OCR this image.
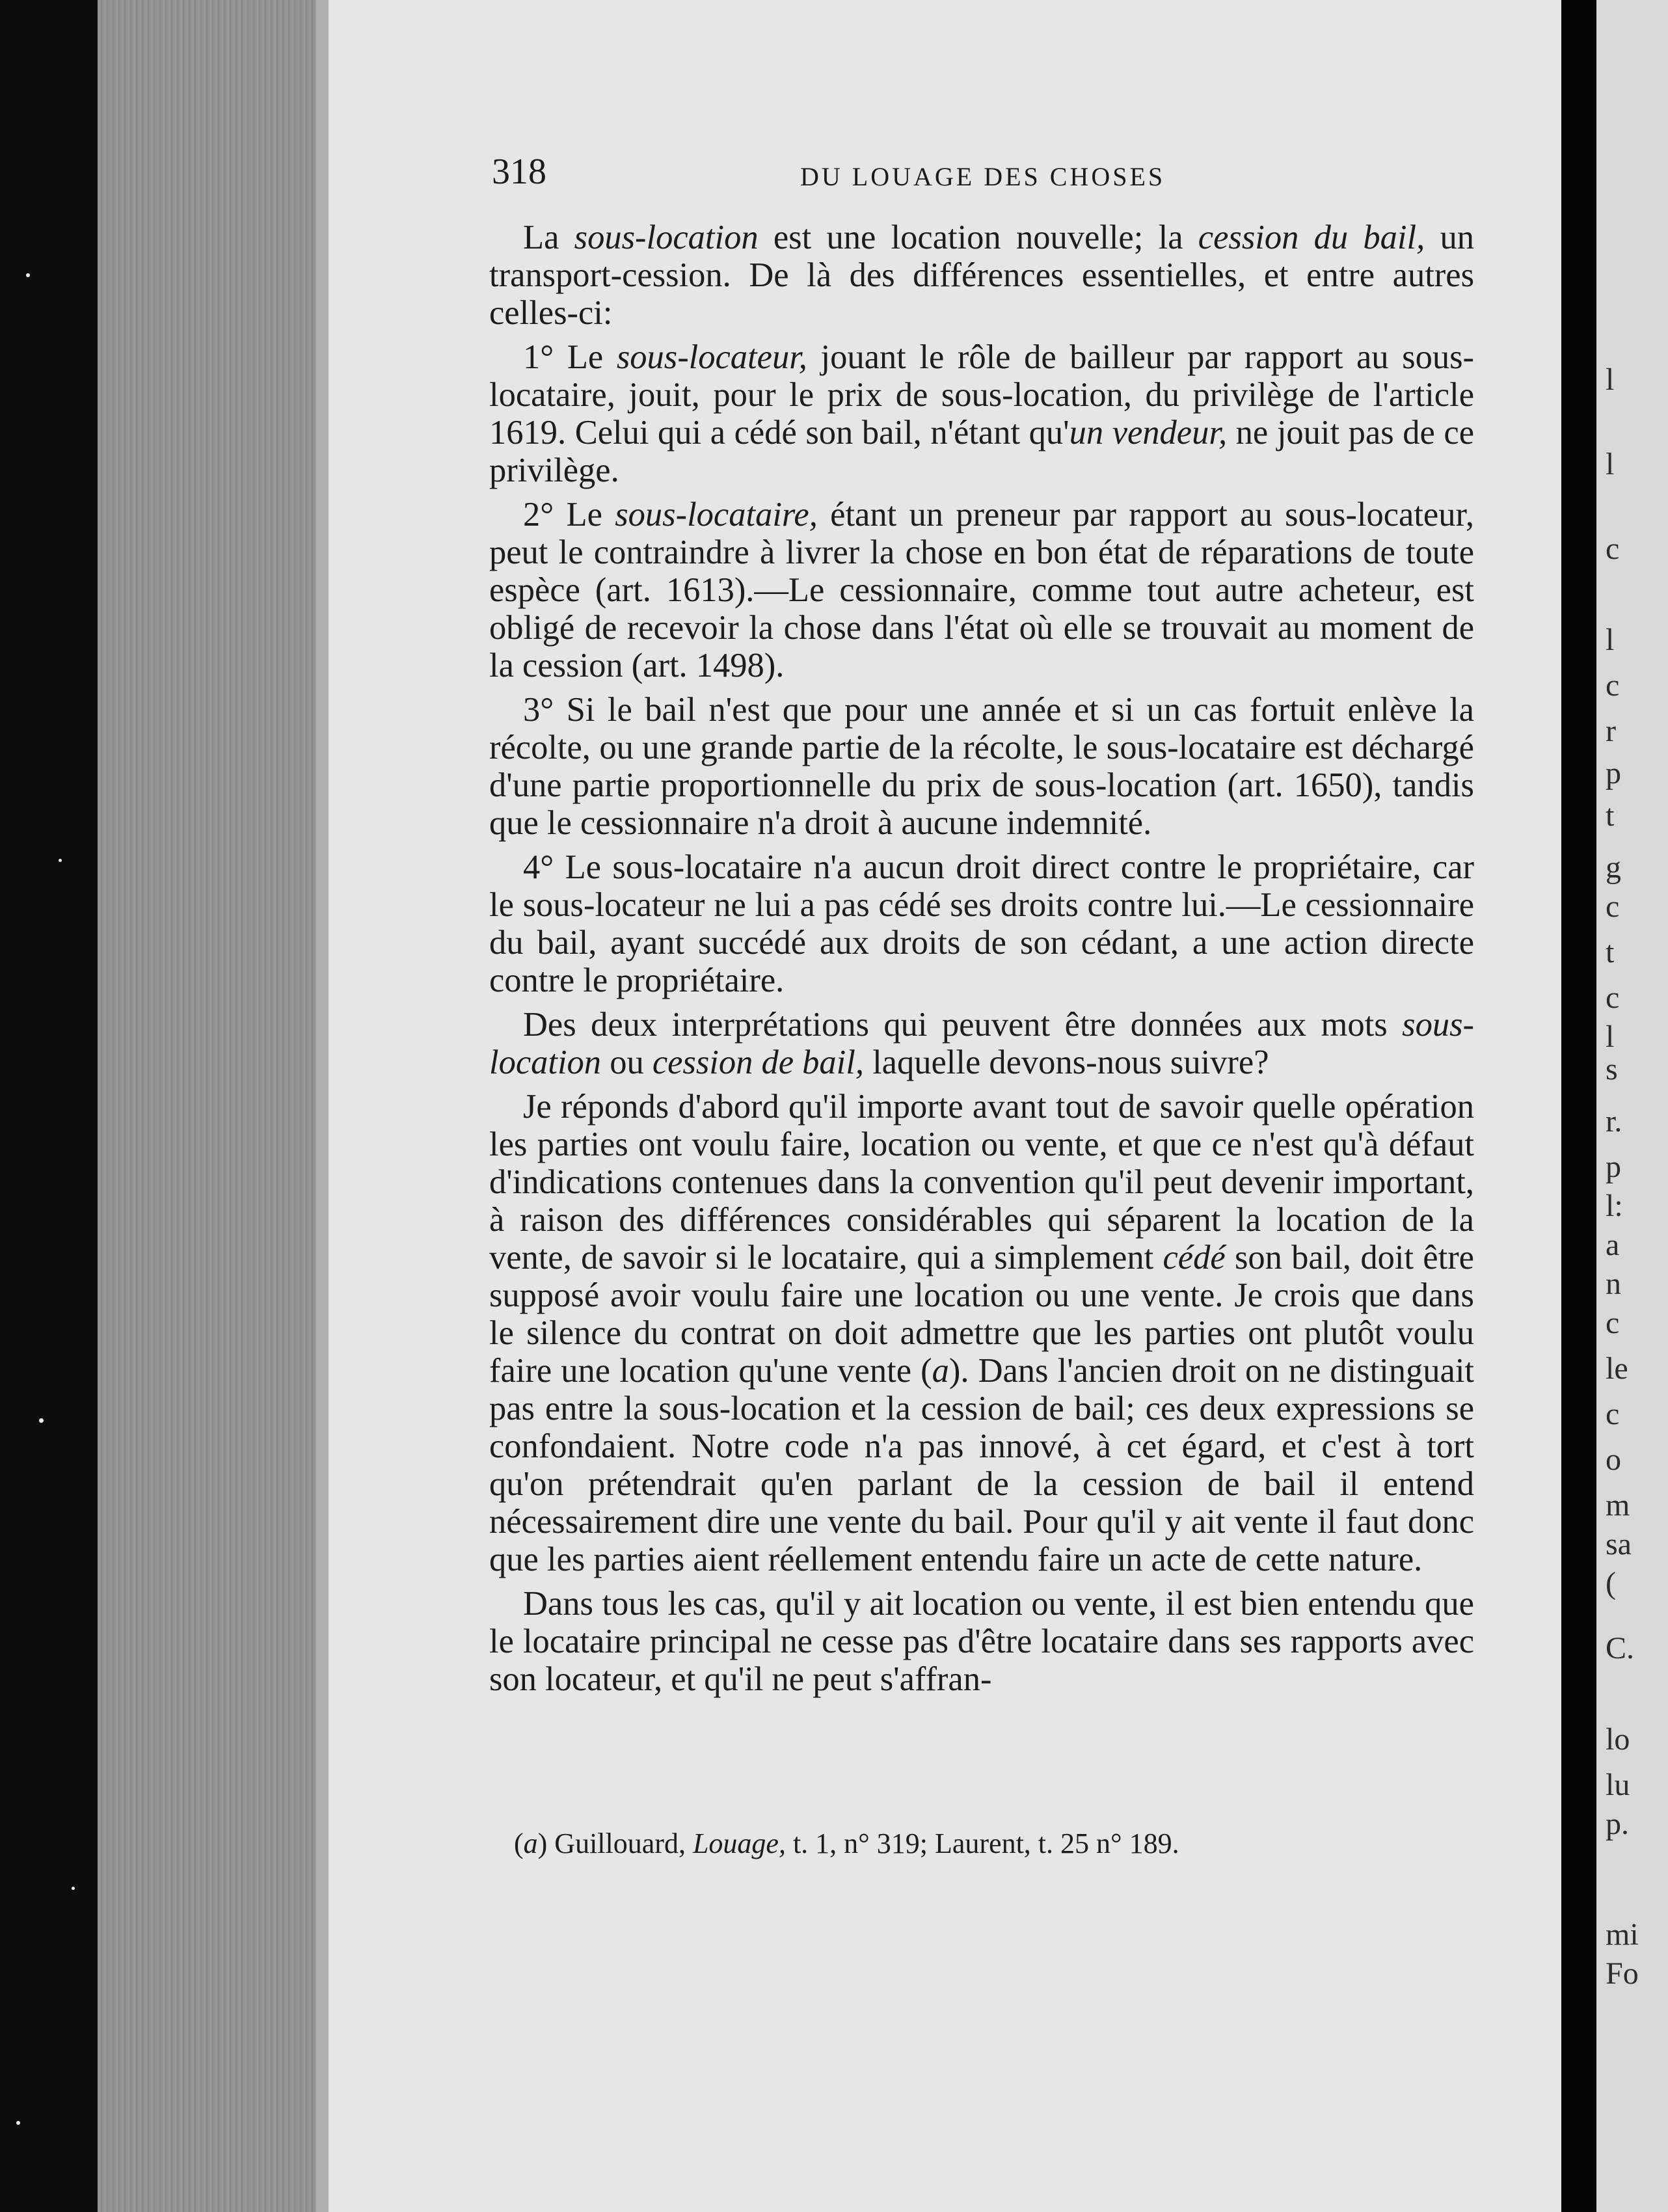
318	DU LOUAGE DES CHOSES

La sous-location est une location nouvelle; la cession du bail, un transport-cession. De là des différences essentielles, et entre autres celles-ci:

1° Le sous-locateur, jouant le rôle de bailleur par rapport au sous-locataire, jouit, pour le prix de sous-location, du privilège de l'article 1619. Celui qui a cédé son bail, n'étant qu'un vendeur, ne jouit pas de ce privilège.

2° Le sous-locataire, étant un preneur par rapport au sous-locateur, peut le contraindre à livrer la chose en bon état de réparations de toute espèce (art. 1613).—Le cessionnaire, comme tout autre acheteur, est obligé de recevoir la chose dans l'état où elle se trouvait au moment de la cession (art. 1498).

3° Si le bail n'est que pour une année et si un cas fortuit enlève la récolte, ou une grande partie de la récolte, le sous-locataire est déchargé d'une partie proportionnelle du prix de sous-location (art. 1650), tandis que le cessionnaire n'a droit à aucune indemnité.

4° Le sous-locataire n'a aucun droit direct contre le propriétaire, car le sous-locateur ne lui a pas cédé ses droits contre lui.—Le cessionnaire du bail, ayant succédé aux droits de son cédant, a une action directe contre le propriétaire.

Des deux interprétations qui peuvent être données aux mots sous-location ou cession de bail, laquelle devons-nous suivre?

Je réponds d'abord qu'il importe avant tout de savoir quelle opération les parties ont voulu faire, location ou vente, et que ce n'est qu'à défaut d'indications contenues dans la convention qu'il peut devenir important, à raison des différences considérables qui séparent la location de la vente, de savoir si le locataire, qui a simplement cédé son bail, doit être supposé avoir voulu faire une location ou une vente. Je crois que dans le silence du contrat on doit admettre que les parties ont plutôt voulu faire une location qu'une vente (a). Dans l'ancien droit on ne distinguait pas entre la sous-location et la cession de bail; ces deux expressions se confondaient. Notre code n'a pas innové, à cet égard, et c'est à tort qu'on prétendrait qu'en parlant de la cession de bail il entend nécessairement dire une vente du bail. Pour qu'il y ait vente il faut donc que les parties aient réellement entendu faire un acte de cette nature.

Dans tous les cas, qu'il y ait location ou vente, il est bien entendu que le locataire principal ne cesse pas d'être locataire dans ses rapports avec son locateur, et qu'il ne peut s'affran-

(a) Guillouard, Louage, t. 1, n° 319; Laurent, t. 25 n° 189.
l
l
c
l
c
r
p
t
g
c
t
c
l
s
r.
p
l:
a
n
c
le
c
o
m
sa
(
C.
lo
lu
p.
mi
Fo
